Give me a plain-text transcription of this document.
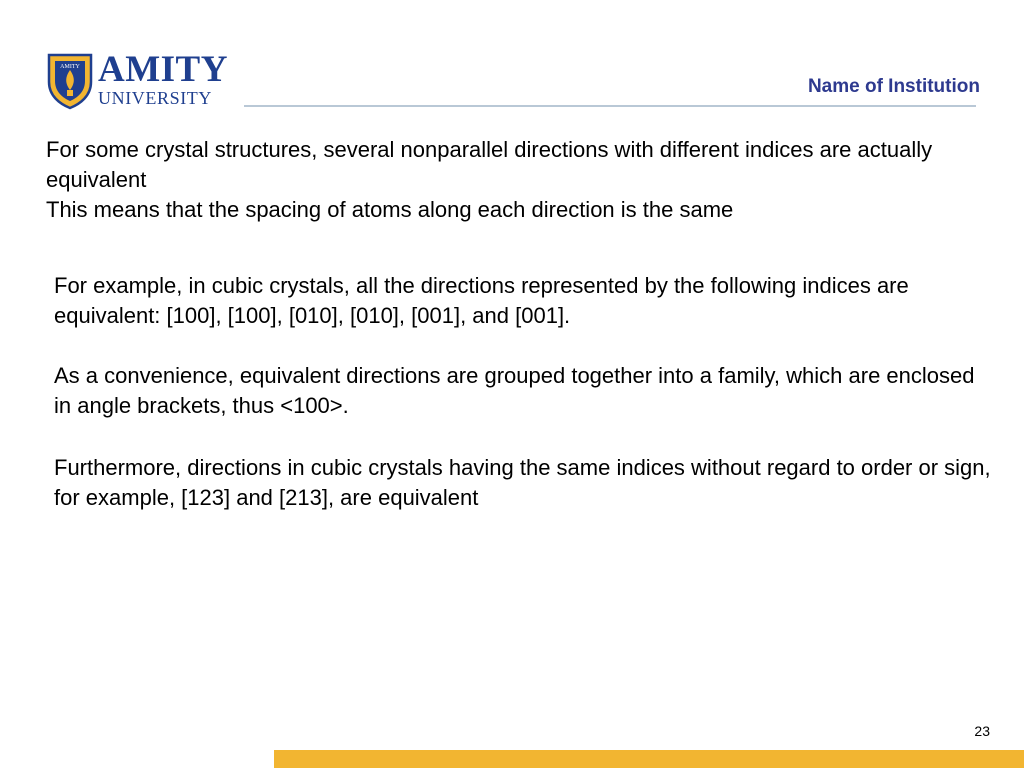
AMITY AMITY
UNIVERSITY
Name of Institution
For some crystal structures, several nonparallel directions with different indices are actually equivalent
This means that the spacing of atoms along each direction is the same

For example, in cubic crystals, all the directions represented by the following indices are equivalent: [100], [100], [010], [010], [001], and [001].

As a convenience, equivalent directions are grouped together into a family, which are enclosed in angle brackets, thus <100>.

Furthermore, directions in cubic crystals having the same indices without regard to order or sign, for example, [123] and [213], are equivalent

23
